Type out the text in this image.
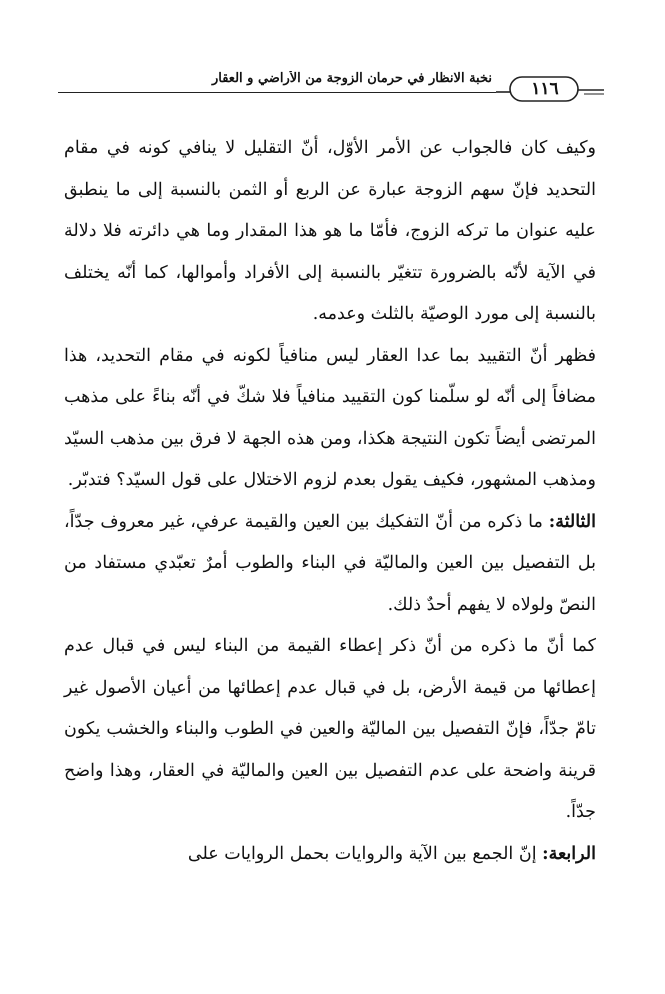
١١٦
نخبة الانظار في حرمان الزوجة من الأراضي و العقار

وكيف كان فالجواب عن الأمر الأوّل، أنّ التقليل لا ينافي كونه في مقام التحديد فإنّ سهم الزوجة عبارة عن الربع أو الثمن بالنسبة إلى ما ينطبق عليه عنوان ما تركه الزوج، فأمّا ما هو هذا المقدار وما هي دائرته فلا دلالة في الآية لأنّه بالضرورة تتغيّر بالنسبة إلى الأفراد وأموالها، كما أنّه يختلف بالنسبة إلى مورد الوصيّة بالثلث وعدمه.

فظهر أنّ التقييد بما عدا العقار ليس منافياً لكونه في مقام التحديد، هذا مضافاً إلى أنّه لو سلّمنا كون التقييد منافياً فلا شكّ في أنّه بناءً على مذهب المرتضى أيضاً تكون النتيجة هكذا، ومن هذه الجهة لا فرق بين مذهب السيّد ومذهب المشهور، فكيف يقول بعدم لزوم الاختلال على قول السيّد؟ فتدبّر.

الثالثة: ما ذكره من أنّ التفكيك بين العين والقيمة عرفي، غير معروف جدّاً، بل التفصيل بين العين والماليّة في البناء والطوب أمرٌ تعبّدي مستفاد من النصّ ولولاه لا يفهم أحدٌ ذلك.

كما أنّ ما ذكره من أنّ ذكر إعطاء القيمة من البناء ليس في قبال عدم إعطائها من قيمة الأرض، بل في قبال عدم إعطائها من أعيان الأصول غير تامّ جدّاً، فإنّ التفصيل بين الماليّة والعين في الطوب والبناء والخشب يكون قرينة واضحة على عدم التفصيل بين العين والماليّة في العقار، وهذا واضح جدّاً.

الرابعة: إنّ الجمع بين الآية والروايات بحمل الروايات على
